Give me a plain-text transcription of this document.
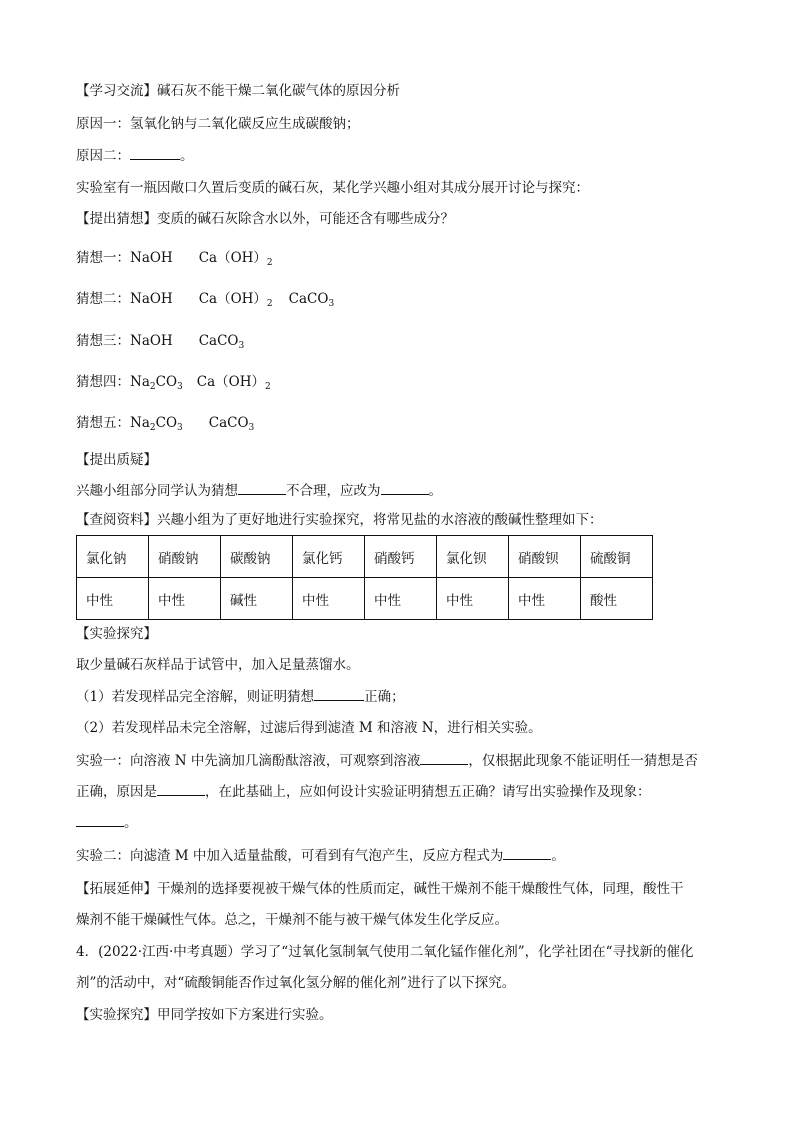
【学习交流】碱石灰不能干燥二氧化碳气体的原因分析
原因一：氢氧化钠与二氧化碳反应生成碳酸钠；
原因二：	。
实验室有一瓶因敞口久置后变质的碱石灰，某化学兴趣小组对其成分展开讨论与探究：
【提出猜想】变质的碱石灰除含水以外，可能还含有哪些成分？
猜想一：NaOH $Ca(OH)_2$
猜想二：NaOH $Ca(OH)_2$ CaCO$_3$
猜想三：NaOH CaCO$_3$
猜想四：$Na_2CO_3$ $Ca(OH)_2$
猜想五：$Na_2CO_3$ CaCO$_3$
【提出质疑】
兴趣小组部分同学认为猜想	不合理，应改为	。
【查阅资料】兴趣小组为了更好地进行实验探究，将常见盐的水溶液的酸碱性整理如下：
氯化钠	硝酸钠	碳酸钠	氯化钙	硝酸钙	氯化钡	硝酸钡	硫酸铜
中性	中性	碱性	中性	中性	中性	中性	酸性
【实验探究】
取少量碱石灰样品于试管中，加入足量蒸馏水。
（1）若发现样品完全溶解，则证明猜想	正确；
（2）若发现样品未完全溶解，过滤后得到滤渣 M 和溶液 N，进行相关实验。
实验一：向溶液 N 中先滴加几滴酚酞溶液，可观察到溶液	，仅根据此现象不能证明任一猜想是否
正确，原因是	，在此基础上，应如何设计实验证明猜想五正确？请写出实验操作及现象：
。
实验二：向滤渣 M 中加入适量盐酸，可看到有气泡产生，反应方程式为	。
【拓展延伸】干燥剂的选择要视被干燥气体的性质而定，碱性干燥剂不能干燥酸性气体，同理，酸性干
燥剂不能干燥碱性气体。总之，干燥剂不能与被干燥气体发生化学反应。
4．(2022·江西·中考真题）学习了“过氧化氢制氧气使用二氧化锰作催化剂”，化学社团在“寻找新的催化
剂”的活动中，对“硫酸铜能否作过氧化氢分解的催化剂”进行了以下探究。
【实验探究】甲同学按如下方案进行实验。
